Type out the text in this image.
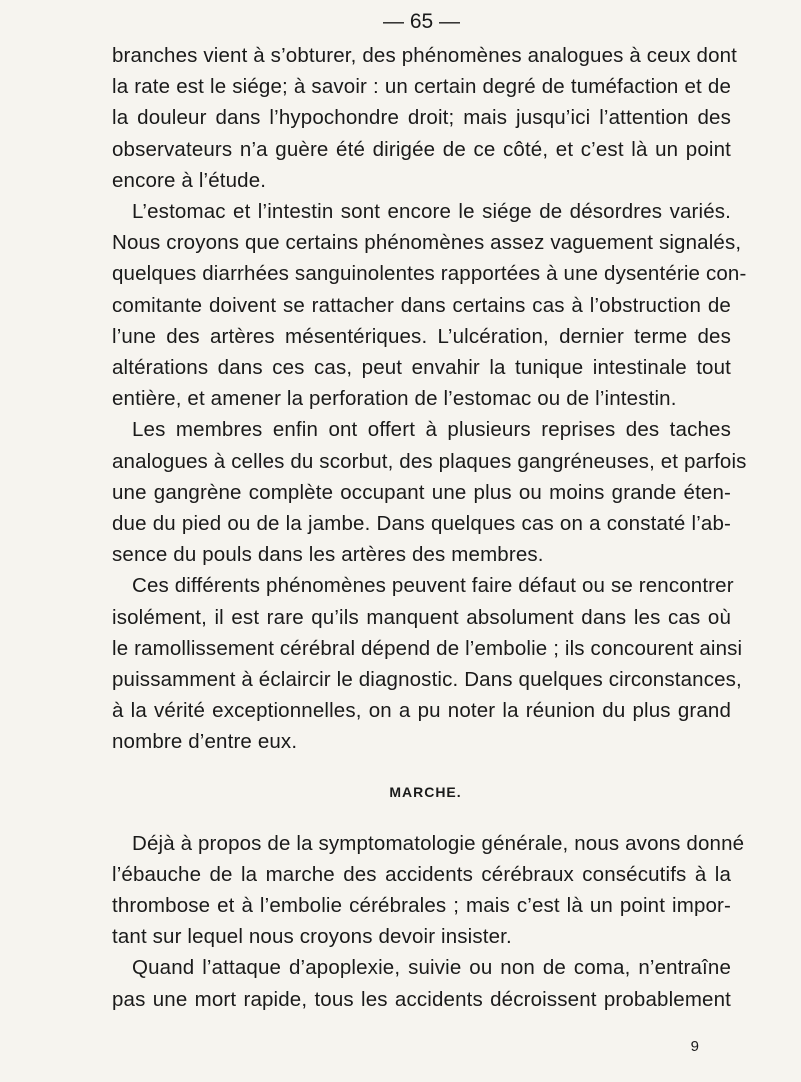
— 65 —

branches vient à s’obturer, des phénomènes analogues à ceux dont
la rate est le siége; à savoir : un certain degré de tuméfaction et de
la douleur dans l’hypochondre droit; mais jusqu’ici l’attention des
observateurs n’a guère été dirigée de ce côté, et c’est là un point
encore à l’étude.

L’estomac et l’intestin sont encore le siége de désordres variés.
Nous croyons que certains phénomènes assez vaguement signalés,
quelques diarrhées sanguinolentes rapportées à une dysentérie con-
comitante doivent se rattacher dans certains cas à l’obstruction de
l’une des artères mésentériques. L’ulcération, dernier terme des
altérations dans ces cas, peut envahir la tunique intestinale tout
entière, et amener la perforation de l’estomac ou de l’intestin.

Les membres enfin ont offert à plusieurs reprises des taches
analogues à celles du scorbut, des plaques gangréneuses, et parfois
une gangrène complète occupant une plus ou moins grande éten-
due du pied ou de la jambe. Dans quelques cas on a constaté l’ab-
sence du pouls dans les artères des membres.

Ces différents phénomènes peuvent faire défaut ou se rencontrer
isolément, il est rare qu’ils manquent absolument dans les cas où
le ramollissement cérébral dépend de l’embolie ; ils concourent ainsi
puissamment à éclaircir le diagnostic. Dans quelques circonstances,
à la vérité exceptionnelles, on a pu noter la réunion du plus grand
nombre d’entre eux.

MARCHE.

Déjà à propos de la symptomatologie générale, nous avons donné
l’ébauche de la marche des accidents cérébraux consécutifs à la
thrombose et à l’embolie cérébrales ; mais c’est là un point impor-
tant sur lequel nous croyons devoir insister.

Quand l’attaque d’apoplexie, suivie ou non de coma, n’entraîne
pas une mort rapide, tous les accidents décroissent probablement

9
